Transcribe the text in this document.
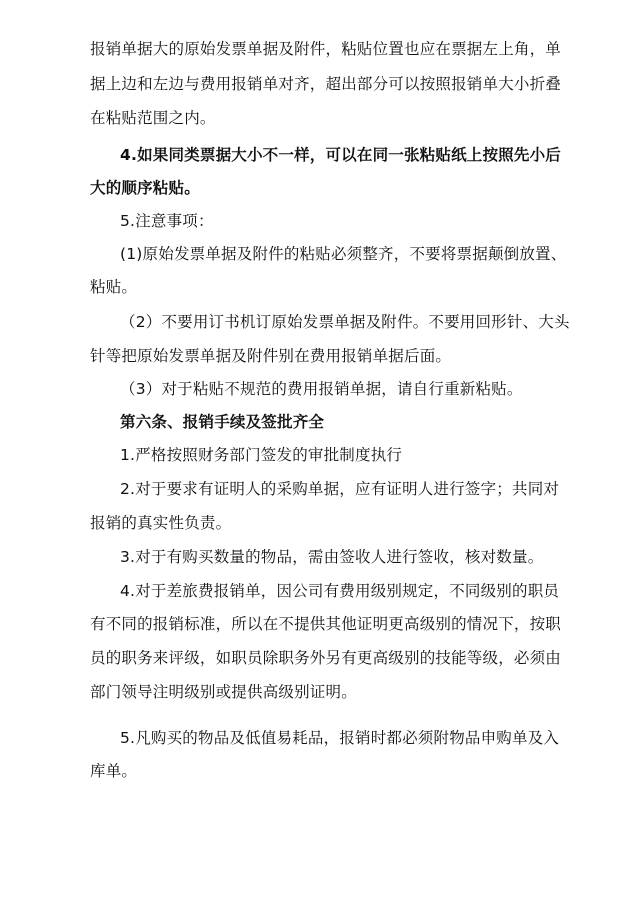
报销单据大的原始发票单据及附件，粘贴位置也应在票据左上角，单
据上边和左边与费用报销单对齐，超出部分可以按照报销单大小折叠
在粘贴范围之内。
4.如果同类票据大小不一样，可以在同一张粘贴纸上按照先小后
大的顺序粘贴。
5.注意事项：
(1)原始发票单据及附件的粘贴必须整齐，不要将票据颠倒放置、
粘贴。
（2）不要用订书机订原始发票单据及附件。不要用回形针、大头
针等把原始发票单据及附件别在费用报销单据后面。
（3）对于粘贴不规范的费用报销单据，请自行重新粘贴。
第六条、报销手续及签批齐全
1.严格按照财务部门签发的审批制度执行
2.对于要求有证明人的采购单据，应有证明人进行签字；共同对
报销的真实性负责。
3.对于有购买数量的物品，需由签收人进行签收，核对数量。
4.对于差旅费报销单，因公司有费用级别规定，不同级别的职员
有不同的报销标准，所以在不提供其他证明更高级别的情况下，按职
员的职务来评级，如职员除职务外另有更高级别的技能等级，必须由
部门领导注明级别或提供高级别证明。
5.凡购买的物品及低值易耗品，报销时都必须附物品申购单及入
库单。
